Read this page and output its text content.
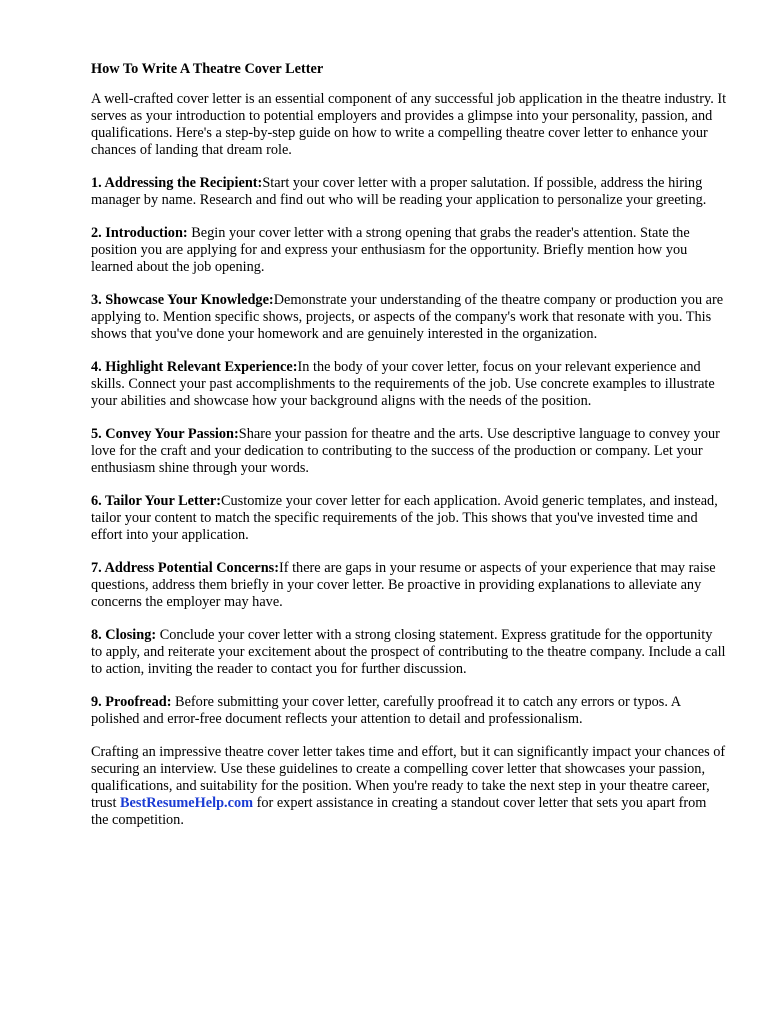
How To Write A Theatre Cover Letter

A well-crafted cover letter is an essential component of any successful job application in the theatre industry. It serves as your introduction to potential employers and provides a glimpse into your personality, passion, and qualifications. Here's a step-by-step guide on how to write a compelling theatre cover letter to enhance your chances of landing that dream role.

1. Addressing the Recipient:Start your cover letter with a proper salutation. If possible, address the hiring manager by name. Research and find out who will be reading your application to personalize your greeting.

2. Introduction: Begin your cover letter with a strong opening that grabs the reader's attention. State the position you are applying for and express your enthusiasm for the opportunity. Briefly mention how you learned about the job opening.

3. Showcase Your Knowledge:Demonstrate your understanding of the theatre company or production you are applying to. Mention specific shows, projects, or aspects of the company's work that resonate with you. This shows that you've done your homework and are genuinely interested in the organization.

4. Highlight Relevant Experience:In the body of your cover letter, focus on your relevant experience and skills. Connect your past accomplishments to the requirements of the job. Use concrete examples to illustrate your abilities and showcase how your background aligns with the needs of the position.

5. Convey Your Passion:Share your passion for theatre and the arts. Use descriptive language to convey your love for the craft and your dedication to contributing to the success of the production or company. Let your enthusiasm shine through your words.

6. Tailor Your Letter:Customize your cover letter for each application. Avoid generic templates, and instead, tailor your content to match the specific requirements of the job. This shows that you've invested time and effort into your application.

7. Address Potential Concerns:If there are gaps in your resume or aspects of your experience that may raise questions, address them briefly in your cover letter. Be proactive in providing explanations to alleviate any concerns the employer may have.

8. Closing: Conclude your cover letter with a strong closing statement. Express gratitude for the opportunity to apply, and reiterate your excitement about the prospect of contributing to the theatre company. Include a call to action, inviting the reader to contact you for further discussion.

9. Proofread: Before submitting your cover letter, carefully proofread it to catch any errors or typos. A polished and error-free document reflects your attention to detail and professionalism.

Crafting an impressive theatre cover letter takes time and effort, but it can significantly impact your chances of securing an interview. Use these guidelines to create a compelling cover letter that showcases your passion, qualifications, and suitability for the position. When you're ready to take the next step in your theatre career, trust BestResumeHelp.com for expert assistance in creating a standout cover letter that sets you apart from the competition.
